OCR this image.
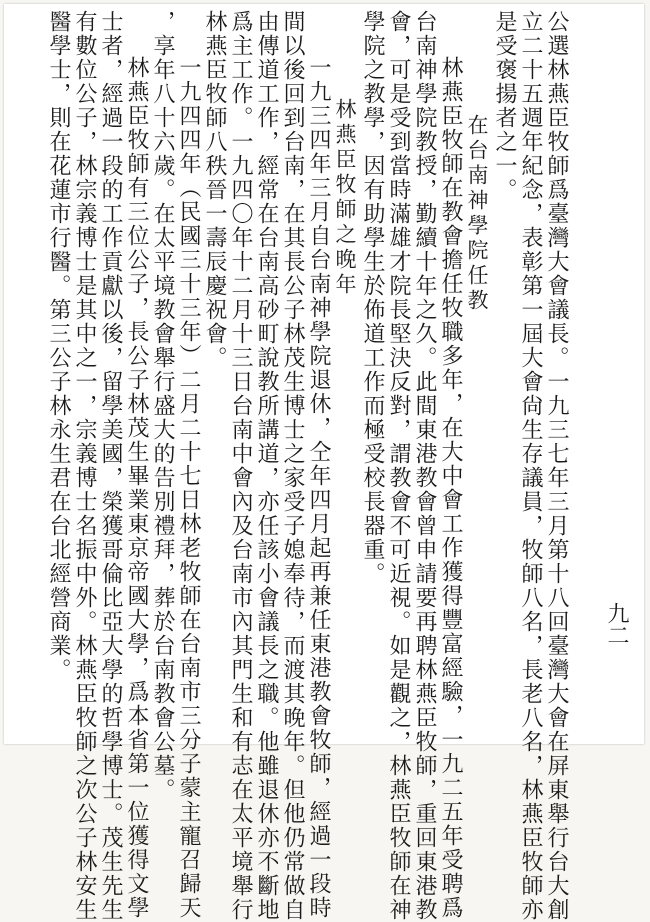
公選林燕臣牧師爲臺灣大會議長。一九三七年三月第十八回臺灣大會在屏東舉行台大創
立二十五週年紀念，表彰第一屆大會尙生存議員，牧師八名，長老八名，林燕臣牧師亦
是受褒揚者之一。
在台南神學院任教
林燕臣牧師在教會擔任牧職多年，在大中會工作獲得豐富經驗，一九二五年受聘爲
台南神學院教授，勤續十年之久。此間東港教會曾申請要再聘林燕臣牧師，重回東港教
會，可是受到當時滿雄才院長堅決反對，謂教會不可近視。如是觀之，林燕臣牧師在神
學院之教學，因有助學生於佈道工作而極受校長器重。
林燕臣牧師之晚年
一九三四年三月自台南神學院退休，仝年四月起再兼任東港教會牧師，經過一段時
間以後回到台南，在其長公子林茂生博士之家受子媳奉待，而渡其晚年。但他仍常做自
由傳道工作，經常在台南高砂町說教所講道，亦任該小會議長之職。他雖退休亦不斷地
爲主工作。一九四〇年十二月十三日台南中會內及台南市內其門生和有志在太平境舉行
林燕臣牧師八秩晉一壽辰慶祝會。
一九四四年（民國三十三年）二月二十七日林老牧師在台南市三分子蒙主寵召歸天
，享年八十六歲。在太平境教會舉行盛大的告別禮拜，葬於台南教會公墓。
林燕臣牧師有三位公子，長公子林茂生畢業東京帝國大學，爲本省第一位獲得文學
士者，經過一段的工作貢獻以後，留學美國，榮獲哥倫比亞大學的哲學博士。茂生先生
有數位公子，林宗義博士是其中之一，宗義博士名振中外。林燕臣牧師之次公子林安生
醫學士，則在花蓮市行醫。第三公子林永生君在台北經營商業。	九二
